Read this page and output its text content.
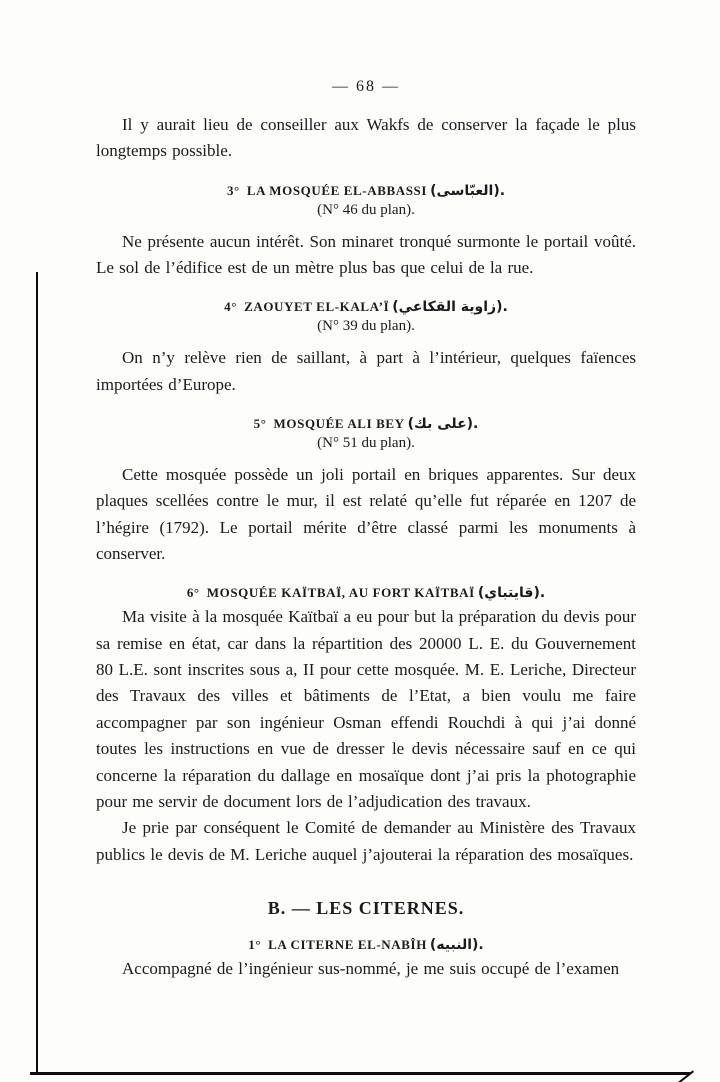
— 68 —

Il y aurait lieu de conseiller aux Wakfs de conserver la façade le plus longtemps possible.

3° LA MOSQUÉE EL-ABBASSI (العبّاسى).
(N° 46 du plan).

Ne présente aucun intérêt. Son minaret tronqué surmonte le portail voûté. Le sol de l’édifice est de un mètre plus bas que celui de la rue.

4° ZAOUYET EL-KALA’Ï (زاوية القكاعي).
(N° 39 du plan).

On n’y relève rien de saillant, à part à l’intérieur, quelques faïences importées d’Europe.

5° MOSQUÉE ALI BEY (على بك).
(N° 51 du plan).

Cette mosquée possède un joli portail en briques apparentes. Sur deux plaques scellées contre le mur, il est relaté qu’elle fut réparée en 1207 de l’hégire (1792). Le portail mérite d’être classé parmi les monuments à conserver.

6° MOSQUÉE KAÏTBAÏ, AU FORT KAÏTBAÏ (قايتباي).

Ma visite à la mosquée Kaïtbaï a eu pour but la préparation du devis pour sa remise en état, car dans la répartition des 20000 L. E. du Gouvernement 80 L.E. sont inscrites sous a, II pour cette mosquée. M. E. Leriche, Directeur des Travaux des villes et bâtiments de l’Etat, a bien voulu me faire accompagner par son ingénieur Osman effendi Rouchdi à qui j’ai donné toutes les instructions en vue de dresser le devis nécessaire sauf en ce qui concerne la réparation du dallage en mosaïque dont j’ai pris la photographie pour me servir de document lors de l’adjudication des travaux.

Je prie par conséquent le Comité de demander au Ministère des Travaux publics le devis de M. Leriche auquel j’ajouterai la réparation des mosaïques.

B. — LES CITERNES.
1° LA CITERNE EL-NABÎH (النبيه).

Accompagné de l’ingénieur sus-nommé, je me suis occupé de l’examen
